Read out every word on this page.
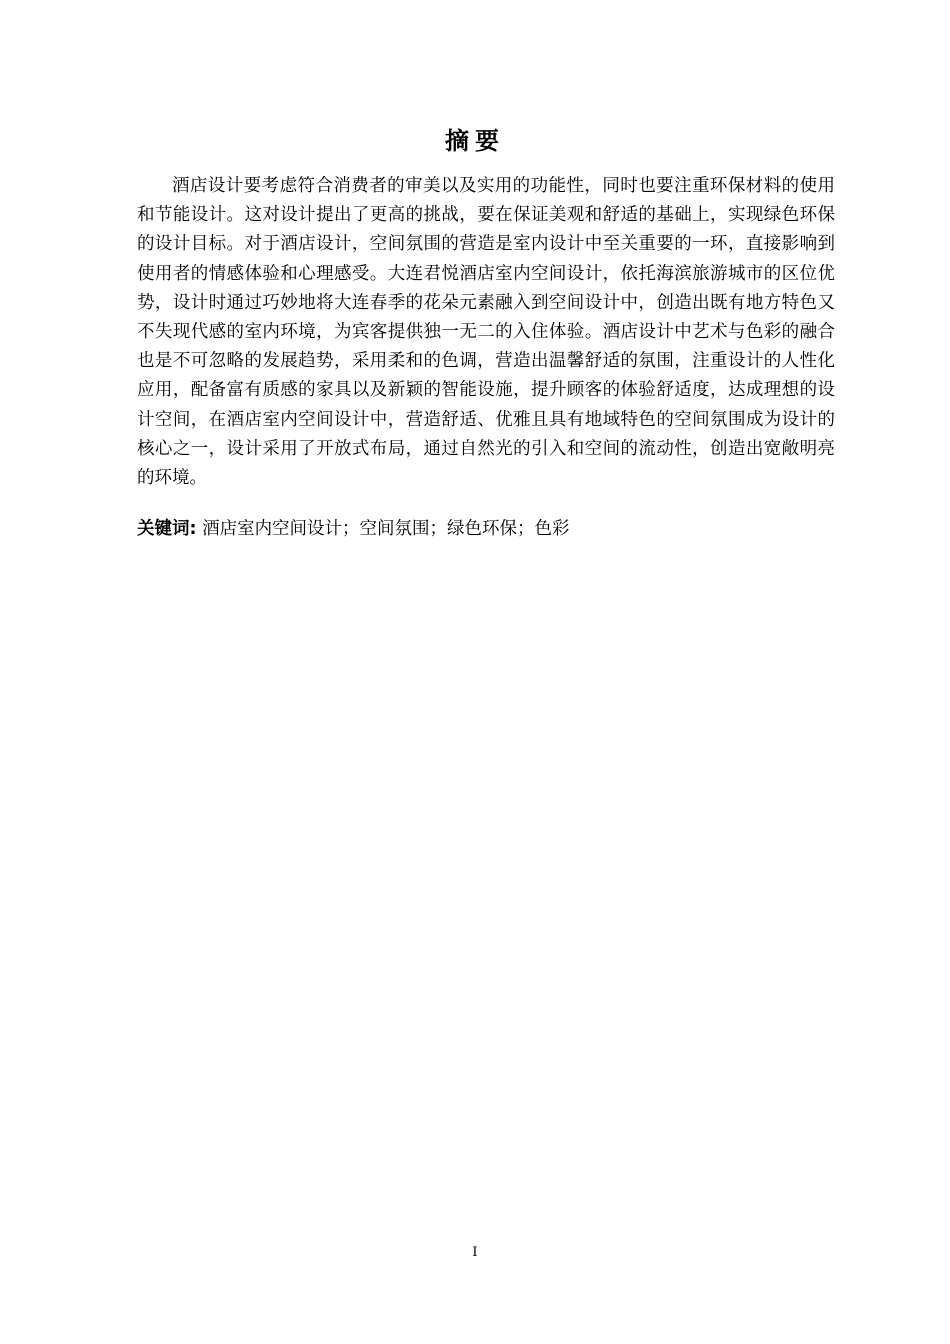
摘要

酒店设计要考虑符合消费者的审美以及实用的功能性，同时也要注重环保材料的使用和节能设计。这对设计提出了更高的挑战，要在保证美观和舒适的基础上，实现绿色环保的设计目标。对于酒店设计，空间氛围的营造是室内设计中至关重要的一环，直接影响到使用者的情感体验和心理感受。大连君悦酒店室内空间设计，依托海滨旅游城市的区位优势，设计时通过巧妙地将大连春季的花朵元素融入到空间设计中，创造出既有地方特色又不失现代感的室内环境，为宾客提供独一无二的入住体验。酒店设计中艺术与色彩的融合也是不可忽略的发展趋势，采用柔和的色调，营造出温馨舒适的氛围，注重设计的人性化应用，配备富有质感的家具以及新颖的智能设施，提升顾客的体验舒适度，达成理想的设计空间，在酒店室内空间设计中，营造舒适、优雅且具有地域特色的空间氛围成为设计的核心之一，设计采用了开放式布局，通过自然光的引入和空间的流动性，创造出宽敞明亮的环境。

关键词: 酒店室内空间设计；空间氛围；绿色环保；色彩

I
